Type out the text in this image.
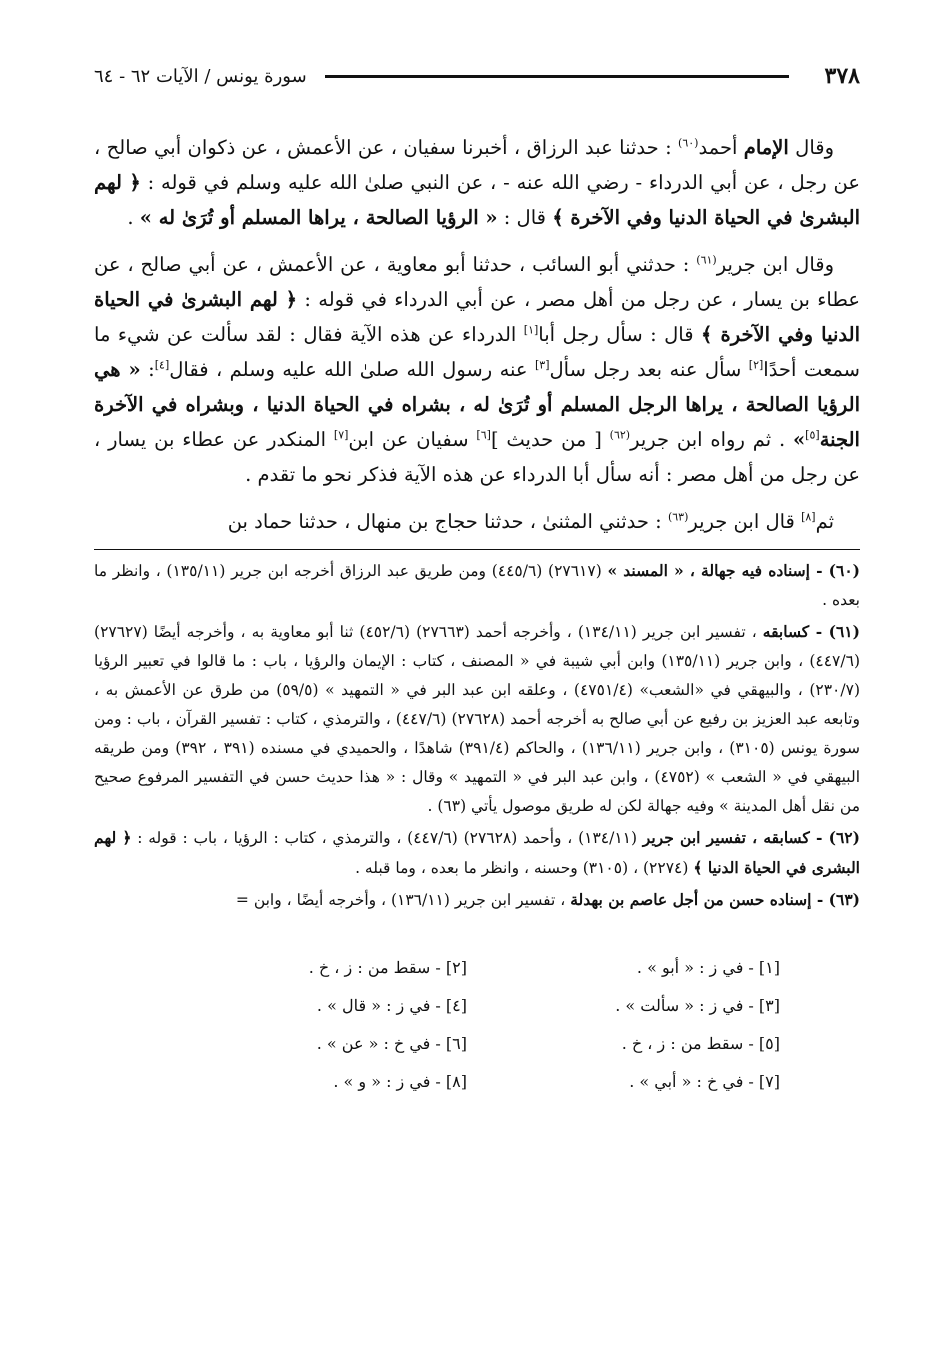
٣٧٨
سورة يونس / الآيات ٦٢ - ٦٤

وقال الإمام أحمد$^{(٦٠)}$ : حدثنا عبد الرزاق ، أخبرنا سفيان ، عن الأعمش ، عن ذكوان أبي صالح ، عن رجل ، عن أبي الدرداء - رضي الله عنه - ، عن النبي صلىٰ الله عليه وسلم في قوله : ﴿ لهم البشرىٰ في الحياة الدنيا وفي الآخرة ﴾ قال : « الرؤيا الصالحة ، يراها المسلم أو تُرَىٰ له » .

وقال ابن جرير$^{(٦١)}$ : حدثني أبو السائب ، حدثنا أبو معاوية ، عن الأعمش ، عن أبي صالح ، عن عطاء بن يسار ، عن رجل من أهل مصر ، عن أبي الدرداء في قوله : ﴿ لهم البشرىٰ في الحياة الدنيا وفي الآخرة ﴾ قال : سأل رجل أبا[١] الدرداء عن هذه الآية فقال : لقد سألت عن شيء ما سمعت أحدًا[٢] سأل عنه بعد رجل سأل[٣] عنه رسول الله صلىٰ الله عليه وسلم ، فقال[٤]: « هي الرؤيا الصالحة ، يراها الرجل المسلم أو تُرَىٰ له ، بشراه في الحياة الدنيا ، وبشراه في الآخرة الجنة[٥]» . ثم رواه ابن جرير$^{(٦٢)}$ [ من حديث ][٦] سفيان عن ابن[٧] المنكدر عن عطاء بن يسار ، عن رجل من أهل مصر : أنه سأل أبا الدرداء عن هذه الآية فذكر نحو ما تقدم .

ثم[٨] قال ابن جرير$^{(٦٣)}$ : حدثني المثنىٰ ، حدثنا حجاج بن منهال ، حدثنا حماد بن

(٦٠) - إسناده فيه جهالة ، « المسند » (٢٧٦١٧) (٤٤٥/٦) ومن طريق عبد الرزاق أخرجه ابن جرير (١٣٥/١١) ، وانظر ما بعده .

(٦١) - كسابقه ، تفسير ابن جرير (١٣٤/١١) ، وأخرجه أحمد (٢٧٦٦٣) (٤٥٢/٦) ثنا أبو معاوية به ، وأخرجه أيضًا (٢٧٦٢٧) (٤٤٧/٦) ، وابن جرير (١٣٥/١١) وابن أبي شيبة في « المصنف ، كتاب : الإيمان والرؤيا ، باب : ما قالوا في تعبير الرؤيا (٢٣٠/٧) ، والبيهقي في «الشعب» (٤٧٥١/٤) ، وعلقه ابن عبد البر في « التمهيد » (٥٩/٥) من طرق عن الأعمش به ، وتابعه عبد العزيز بن رفيع عن أبي صالح به أخرجه أحمد (٢٧٦٢٨) (٤٤٧/٦) ، والترمذي ، كتاب : تفسير القرآن ، باب : ومن سورة يونس (٣١٠٥) ، وابن جرير (١٣٦/١١) ، والحاكم (٣٩١/٤) شاهدًا ، والحميدي في مسنده (٣٩١ ، ٣٩٢) ومن طريقه البيهقي في « الشعب » (٤٧٥٢) ، وابن عبد البر في « التمهيد » وقال : « هذا حديث حسن في التفسير المرفوع صحيح من نقل أهل المدينة » وفيه جهالة لكن له طريق موصول يأتي (٦٣) .

(٦٢) - كسابقه ، تفسير ابن جرير (١٣٤/١١) ، وأحمد (٢٧٦٢٨) (٤٤٧/٦) ، والترمذي ، كتاب : الرؤيا ، باب : قوله : ﴿ لهم البشرى في الحياة الدنيا ﴾ (٢٢٧٤) ، (٣١٠٥) وحسنه ، وانظر ما بعده ، وما قبله .

(٦٣) - إسناده حسن من أجل عاصم بن بهدلة ، تفسير ابن جرير (١٣٦/١١) ، وأخرجه أيضًا ، وابن =

[١] - في ز : « أبو » .
[٢] - سقط من : ز ، خ .
[٣] - في ز : « سألت » .
[٤] - في ز : « قال » .
[٥] - سقط من : ز ، خ .
[٦] - في خ : « عن » .
[٧] - في خ : « أبي » .
[٨] - في ز : « و » .
